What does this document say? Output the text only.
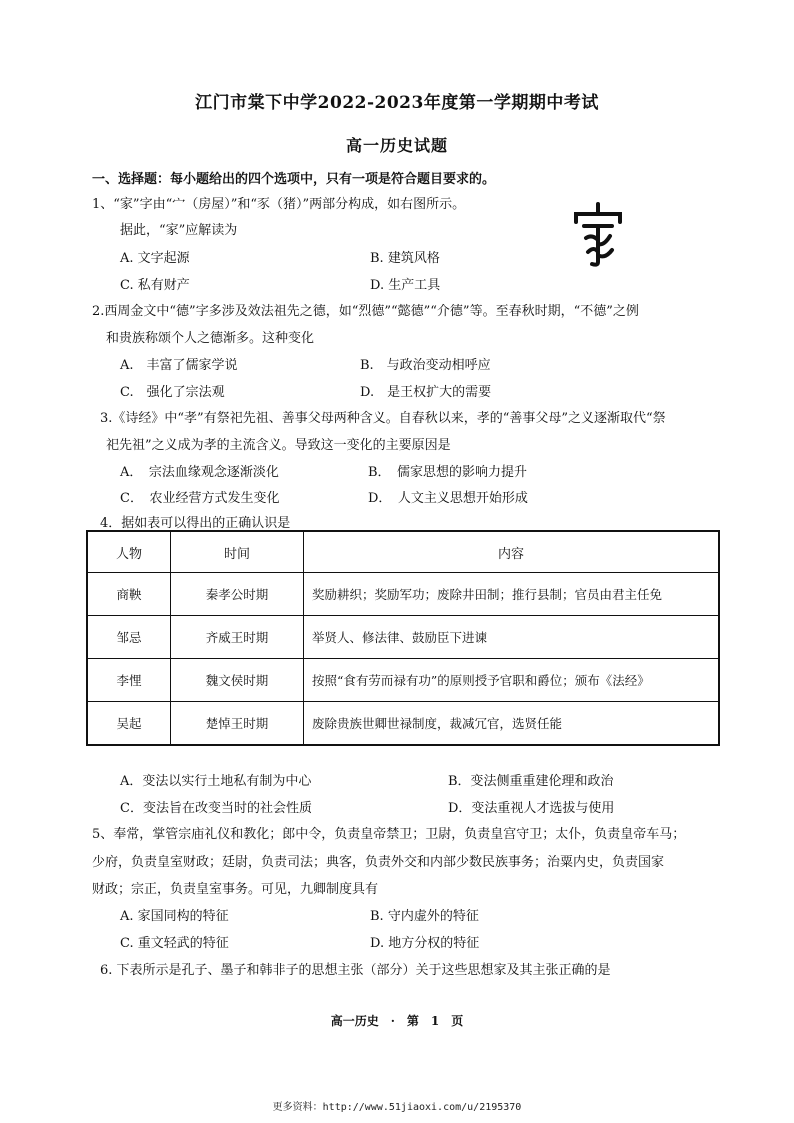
江门市棠下中学2022-2023年度第一学期期中考试
高一历史试题
一、选择题：每小题给出的四个选项中，只有一项是符合题目要求的。
1、“家”字由“宀（房屋）”和“豕（猪）”两部分构成，如右图所示。
据此，“家”应解读为
A. 文字起源	B. 建筑风格
C. 私有财产	D. 生产工具
2.西周金文中“德”字多涉及效法祖先之德，如“烈德”“懿德”“介德”等。至春秋时期，“不德”之例
和贵族称颂个人之德渐多。这种变化
A.　丰富了儒家学说	B.　与政治变动相呼应
C.　强化了宗法观	D.　是王权扩大的需要
3.《诗经》中“孝”有祭祀先祖、善事父母两种含义。自春秋以来，孝的“善事父母”之义逐渐取代“祭
祀先祖”之义成为孝的主流含义。导致这一变化的主要原因是
A．　宗法血缘观念逐渐淡化	B．　儒家思想的影响力提升
C．　农业经营方式发生变化	D．　人文主义思想开始形成
4．据如表可以得出的正确认识是
人物	时间	内容
商鞅	秦孝公时期	奖励耕织；奖励军功；废除井田制；推行县制；官员由君主任免
邹忌	齐威王时期	举贤人、修法律、鼓励臣下进谏
李悝	魏文侯时期	按照“食有劳而禄有功”的原则授予官职和爵位；颁布《法经》
吴起	楚悼王时期	废除贵族世卿世禄制度，裁减冗官，选贤任能
A．变法以实行土地私有制为中心	B．变法侧重重建伦理和政治
C．变法旨在改变当时的社会性质	D．变法重视人才选拔与使用
5、奉常，掌管宗庙礼仪和教化；郎中令，负责皇帝禁卫；卫尉，负责皇宫守卫；太仆，负责皇帝车马；
少府，负责皇室财政；廷尉，负责司法；典客，负责外交和内部少数民族事务；治粟内史，负责国家
财政；宗正，负责皇室事务。可见，九卿制度具有
A. 家国同构的特征	B. 守内虚外的特征
C. 重文轻武的特征	D. 地方分权的特征
6. 下表所示是孔子、墨子和韩非子的思想主张（部分）关于这些思想家及其主张正确的是
高一历史　·　第　1　页
更多资料：http://www.51jiaoxi.com/u/2195370
